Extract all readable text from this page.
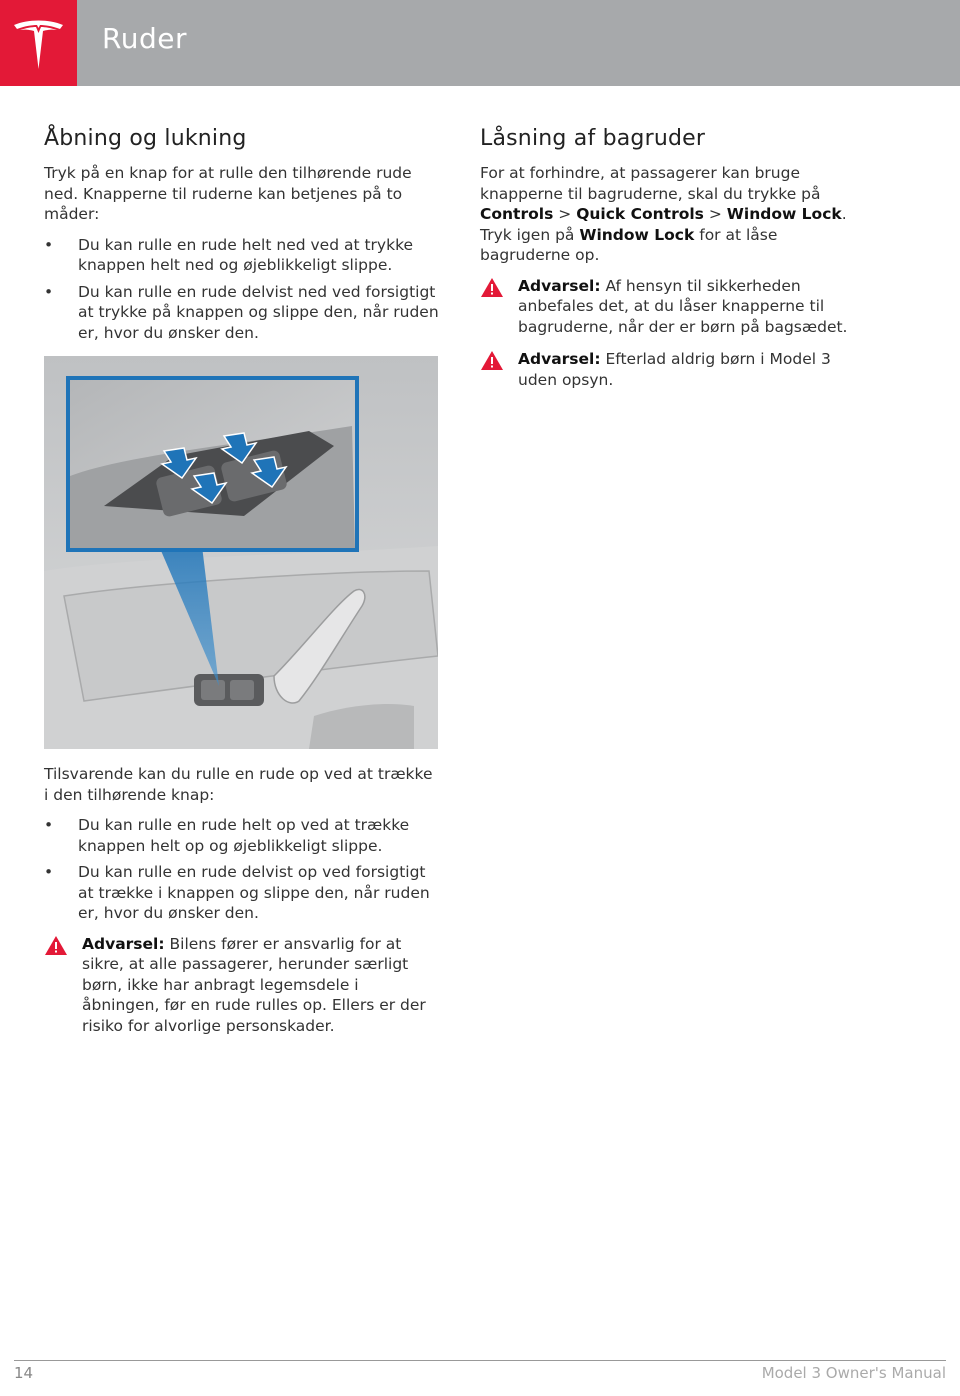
Ruder
Åbning og lukning

Tryk på en knap for at rulle den tilhørende rude ned. Knapperne til ruderne kan betjenes på to måder:

• Du kan rulle en rude helt ned ved at trykke knappen helt ned og øjeblikkeligt slippe.
• Du kan rulle en rude delvist ned ved forsigtigt at trykke på knappen og slippe den, når ruden er, hvor du ønsker den.

Tilsvarende kan du rulle en rude op ved at trække i den tilhørende knap:

• Du kan rulle en rude helt op ved at trække knappen helt op og øjeblikkeligt slippe.
• Du kan rulle en rude delvist op ved forsigtigt at trække i knappen og slippe den, når ruden er, hvor du ønsker den.

Advarsel: Bilens fører er ansvarlig for at sikre, at alle passagerer, herunder særligt børn, ikke har anbragt legemsdele i åbningen, før en rude rulles op. Ellers er der risiko for alvorlige personskader.

Låsning af bagruder

For at forhindre, at passagerer kan bruge knapperne til bagruderne, skal du trykke på Controls > Quick Controls > Window Lock.
Tryk igen på Window Lock for at låse bagruderne op.

Advarsel: Af hensyn til sikkerheden anbefales det, at du låser knapperne til bagruderne, når der er børn på bagsædet.

Advarsel: Efterlad aldrig børn i Model 3 uden opsyn.

14	Model 3 Owner's Manual
